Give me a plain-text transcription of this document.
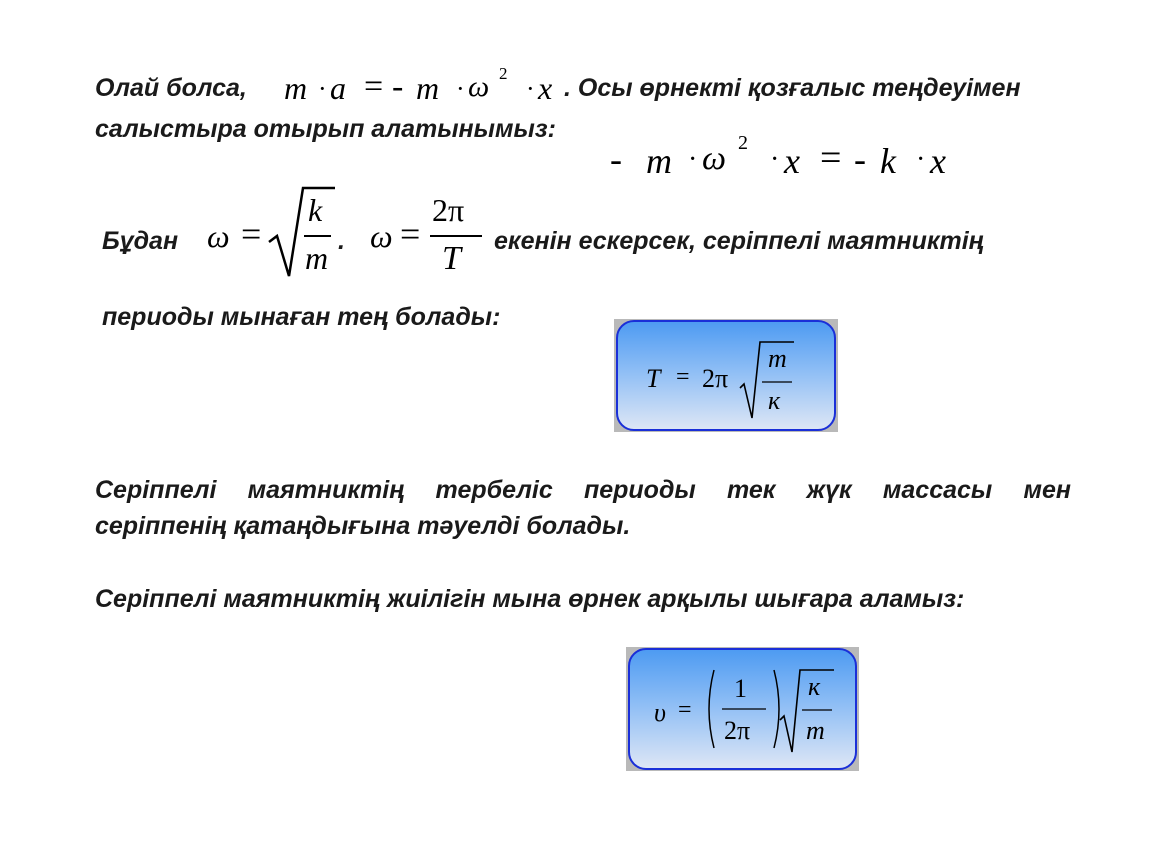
Олай болса, m · a = - m · ω 2
· x . Осы өрнекті қозғалыс теңдеуімен
салыстыра отырып алатынымыз:
- m · ω 2
· x = - k · x
Бұдан ω =
k
m . ω =
2π
T екенін ескерсек, серіппелі маятниктің
периоды мынаған тең болады:
T = 2π
m
к
Серіппелі маятниктің тербеліс периоды тек жүк массасы мен
серіппенің қатаңдығына тәуелді болады.
Серіппелі маятниктің жиілігін мына өрнек арқылы шығара аламыз:
υ =
1
2π
к
m
